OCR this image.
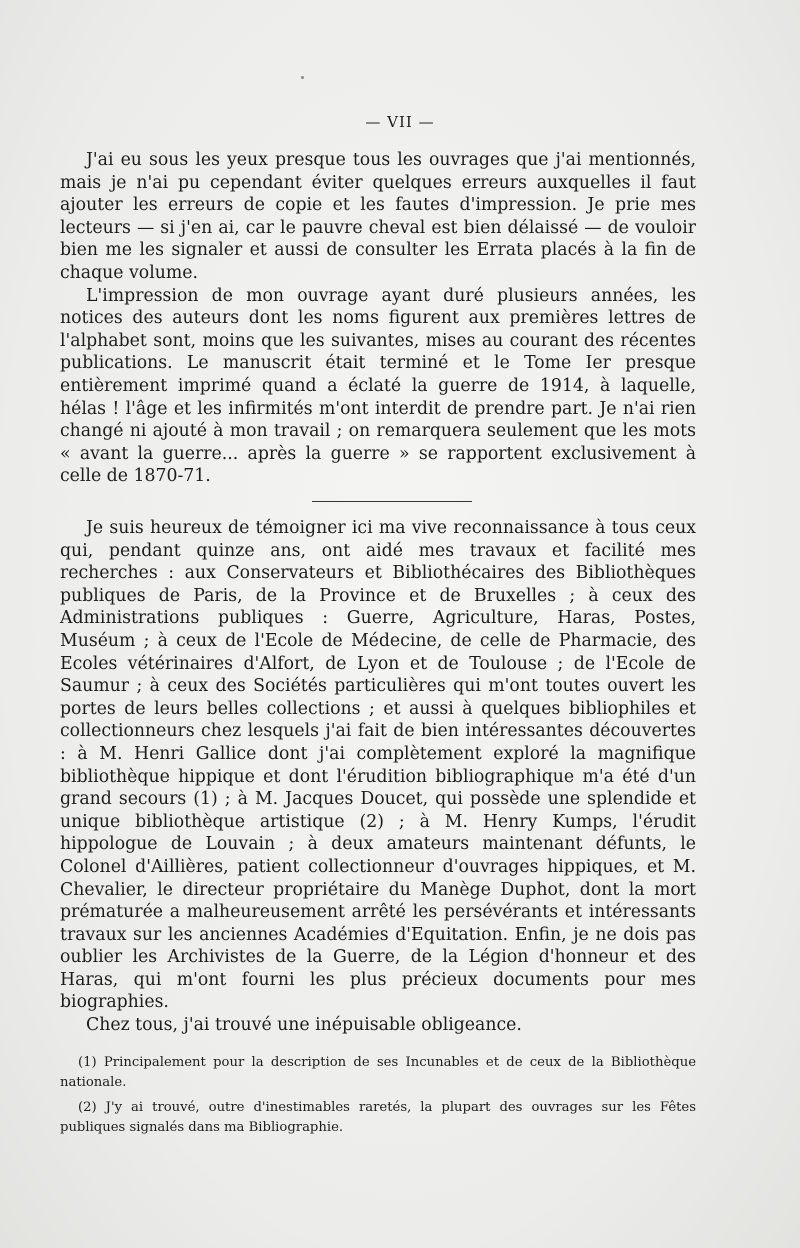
— VII —

J'ai eu sous les yeux presque tous les ouvrages que j'ai mentionnés, mais je n'ai pu cependant éviter quelques erreurs auxquelles il faut ajouter les erreurs de copie et les fautes d'impression. Je prie mes lecteurs — si j'en ai, car le pauvre cheval est bien délaissé — de vouloir bien me les signaler et aussi de consulter les Errata placés à la fin de chaque volume.

L'impression de mon ouvrage ayant duré plusieurs années, les notices des auteurs dont les noms figurent aux premières lettres de l'alphabet sont, moins que les suivantes, mises au courant des récentes publications. Le manuscrit était terminé et le Tome Ier presque entièrement imprimé quand a éclaté la guerre de 1914, à laquelle, hélas ! l'âge et les infirmités m'ont interdit de prendre part. Je n'ai rien changé ni ajouté à mon travail ; on remarquera seulement que les mots « avant la guerre... après la guerre » se rapportent exclusivement à celle de 1870-71.

Je suis heureux de témoigner ici ma vive reconnaissance à tous ceux qui, pendant quinze ans, ont aidé mes travaux et facilité mes recherches : aux Conservateurs et Bibliothécaires des Bibliothèques publiques de Paris, de la Province et de Bruxelles ; à ceux des Administrations publiques : Guerre, Agriculture, Haras, Postes, Muséum ; à ceux de l'Ecole de Médecine, de celle de Pharmacie, des Ecoles vétérinaires d'Alfort, de Lyon et de Toulouse ; de l'Ecole de Saumur ; à ceux des Sociétés particulières qui m'ont toutes ouvert les portes de leurs belles collections ; et aussi à quelques bibliophiles et collectionneurs chez lesquels j'ai fait de bien intéressantes découvertes : à M. Henri Gallice dont j'ai complètement exploré la magnifique bibliothèque hippique et dont l'érudition bibliographique m'a été d'un grand secours (1) ; à M. Jacques Doucet, qui possède une splendide et unique bibliothèque artistique (2) ; à M. Henry Kumps, l'érudit hippologue de Louvain ; à deux amateurs maintenant défunts, le Colonel d'Aillières, patient collectionneur d'ouvrages hippiques, et M. Chevalier, le directeur propriétaire du Manège Duphot, dont la mort prématurée a malheureusement arrêté les persévérants et intéressants travaux sur les anciennes Académies d'Equitation. Enfin, je ne dois pas oublier les Archivistes de la Guerre, de la Légion d'honneur et des Haras, qui m'ont fourni les plus précieux documents pour mes biographies.

Chez tous, j'ai trouvé une inépuisable obligeance.

(1) Principalement pour la description de ses Incunables et de ceux de la Bibliothèque nationale.

(2) J'y ai trouvé, outre d'inestimables raretés, la plupart des ouvrages sur les Fêtes publiques signalés dans ma Bibliographie.
